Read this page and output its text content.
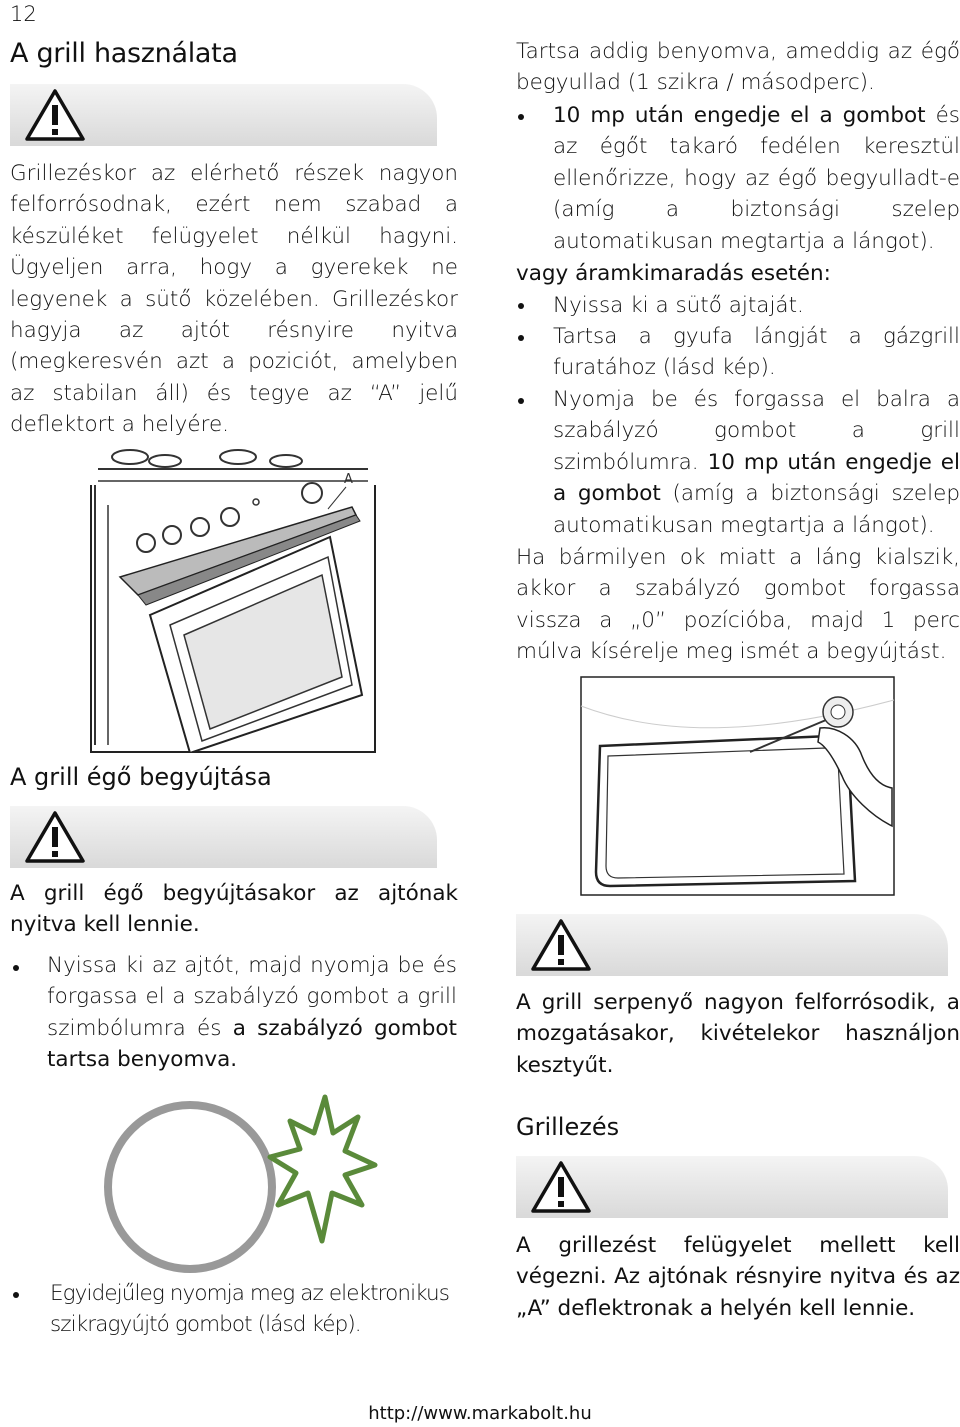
12
A grill használata
Grillezéskor az elérhető részek nagyon felforrósodnak, ezért nem szabad a készüléket felügyelet nélkül hagyni. Ügyeljen arra, hogy a gyerekek ne legyenek a sütő közelében. Grillezéskor hagyja az ajtót résnyire nyitva (megkeresvén azt a poziciót, amelyben az stabilan áll) és tegye az “A” jelű deflektort a helyére.
A
A grill égő begyújtása
A grill égő begyújtásakor az ajtónak nyitva kell lennie.
Nyissa ki az ajtót, majd nyomja be és forgassa el a szabályzó gombot a grill szimbólumra és a szabályzó gombot tartsa benyomva.
Egyidejűleg nyomja meg az elektronikus szikragyújtó gombot (lásd kép).
Tartsa addig benyomva, ameddig az égő begyullad (1 szikra / másodperc).
10 mp után engedje el a gombot és az égőt takaró fedélen keresztül ellenőrizze, hogy az égő begyulladt-e (amíg a biztonsági szelep automatikusan megtartja a lángot).
vagy áramkimaradás esetén:
Nyissa ki a sütő ajtaját.
Tartsa a gyufa lángját a gázgrill furatához (lásd kép).
Nyomja be és forgassa el balra a szabályzó gombot a grill szimbólumra. 10 mp után engedje el a gombot (amíg a biztonsági szelep automatikusan megtartja a lángot).
Ha bármilyen ok miatt a láng kialszik, akkor a szabályzó gombot forgassa vissza a „0” pozícióba, majd 1 perc múlva kísérelje meg ismét a begyújtást.
A grill serpenyő nagyon felforrósodik, a mozgatásakor, kivételekor használjon kesztyűt.
Grillezés
A grillezést felügyelet mellett kell végezni. Az ajtónak résnyire nyitva és az „A” deflektronak a helyén kell lennie.
http://www.markabolt.hu
